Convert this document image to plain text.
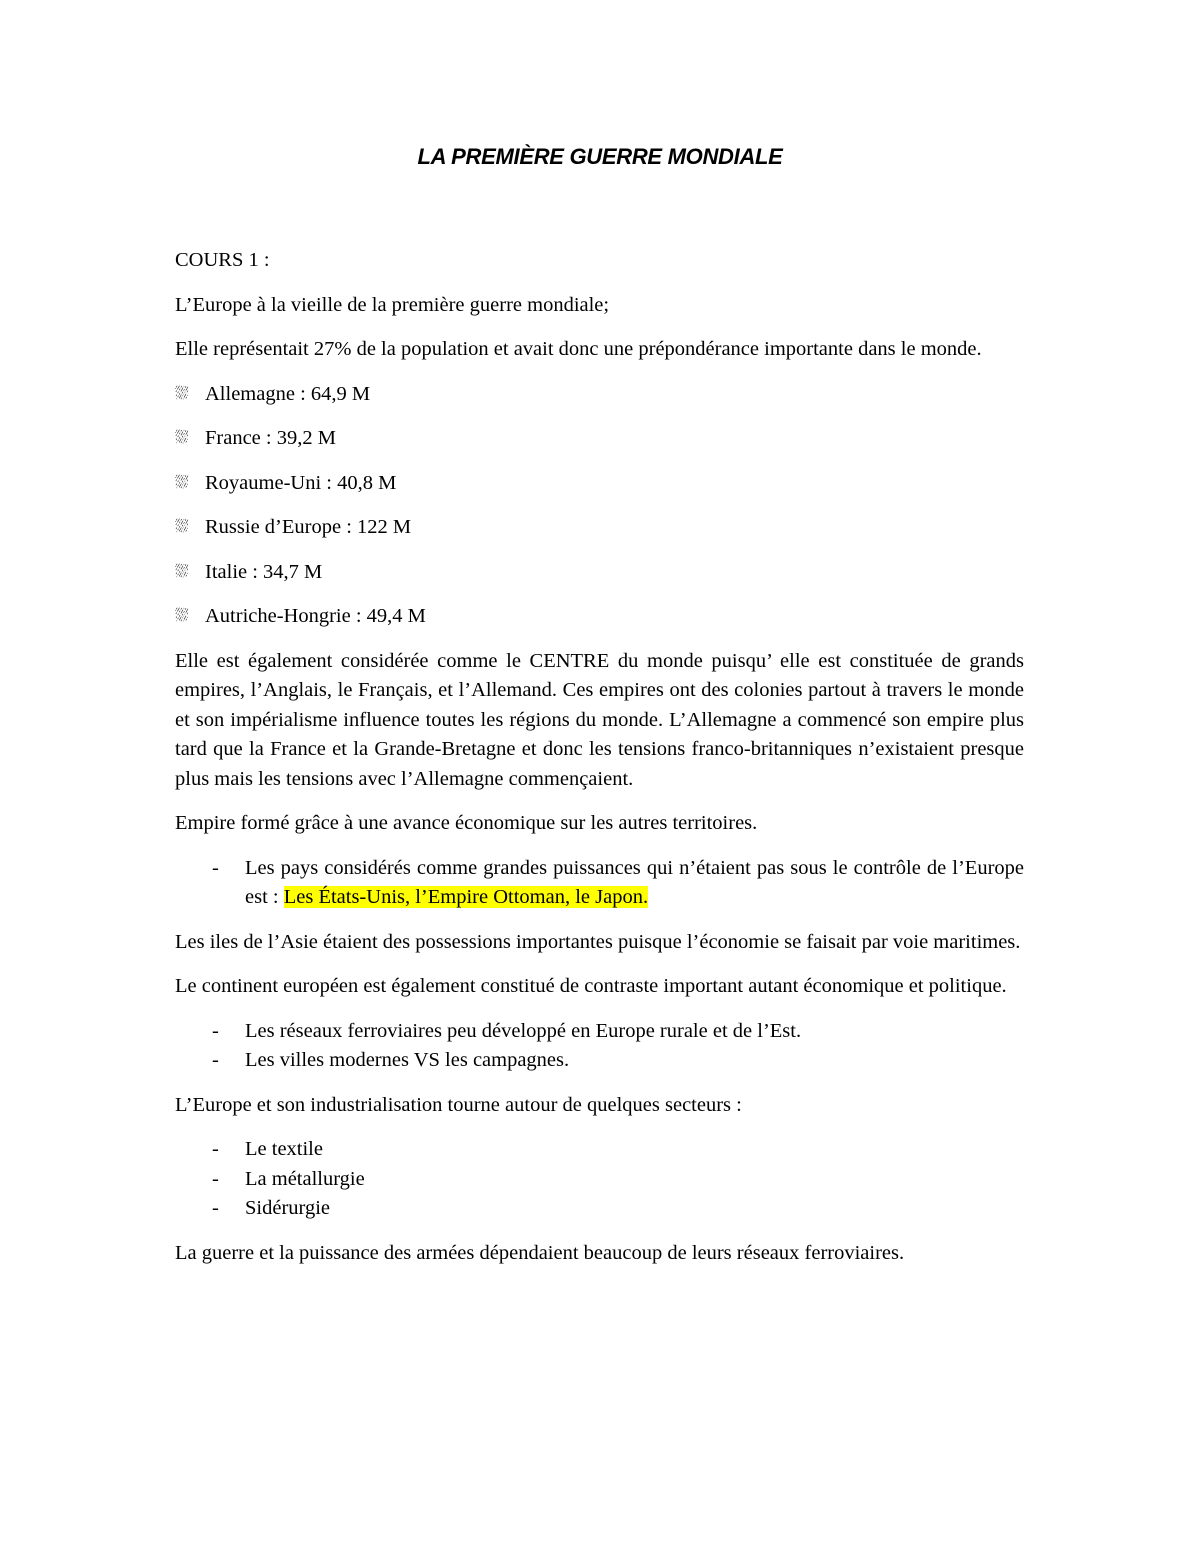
LA PREMIÈRE GUERRE MONDIALE

COURS 1 :

L’Europe à la vieille de la première guerre mondiale;

Elle représentait 27% de la population et avait donc une prépondérance importante dans le monde.

⛆ Allemagne : 64,9 M
⛆ France : 39,2 M
⛆ Royaume-Uni : 40,8 M
⛆ Russie d’Europe : 122 M
⛆ Italie : 34,7 M
⛆ Autriche-Hongrie : 49,4 M

Elle est également considérée comme le CENTRE du monde puisqu’ elle est constituée de grands empires, l’Anglais, le Français, et l’Allemand. Ces empires ont des colonies partout à travers le monde et son impérialisme influence toutes les régions du monde. L’Allemagne a commencé son empire plus tard que la France et la Grande-Bretagne et donc les tensions franco-britanniques n’existaient presque plus mais les tensions avec l’Allemagne commençaient.

Empire formé grâce à une avance économique sur les autres territoires.

-	Les pays considérés comme grandes puissances qui n’étaient pas sous le contrôle de l’Europe est : Les États-Unis, l’Empire Ottoman, le Japon.

Les iles de l’Asie étaient des possessions importantes puisque l’économie se faisait par voie maritimes.

Le continent européen est également constitué de contraste important autant économique et politique.

-	Les réseaux ferroviaires peu développé en Europe rurale et de l’Est.
-	Les villes modernes VS les campagnes.

L’Europe et son industrialisation tourne autour de quelques secteurs :

-	Le textile
-	La métallurgie
-	Sidérurgie

La guerre et la puissance des armées dépendaient beaucoup de leurs réseaux ferroviaires.
